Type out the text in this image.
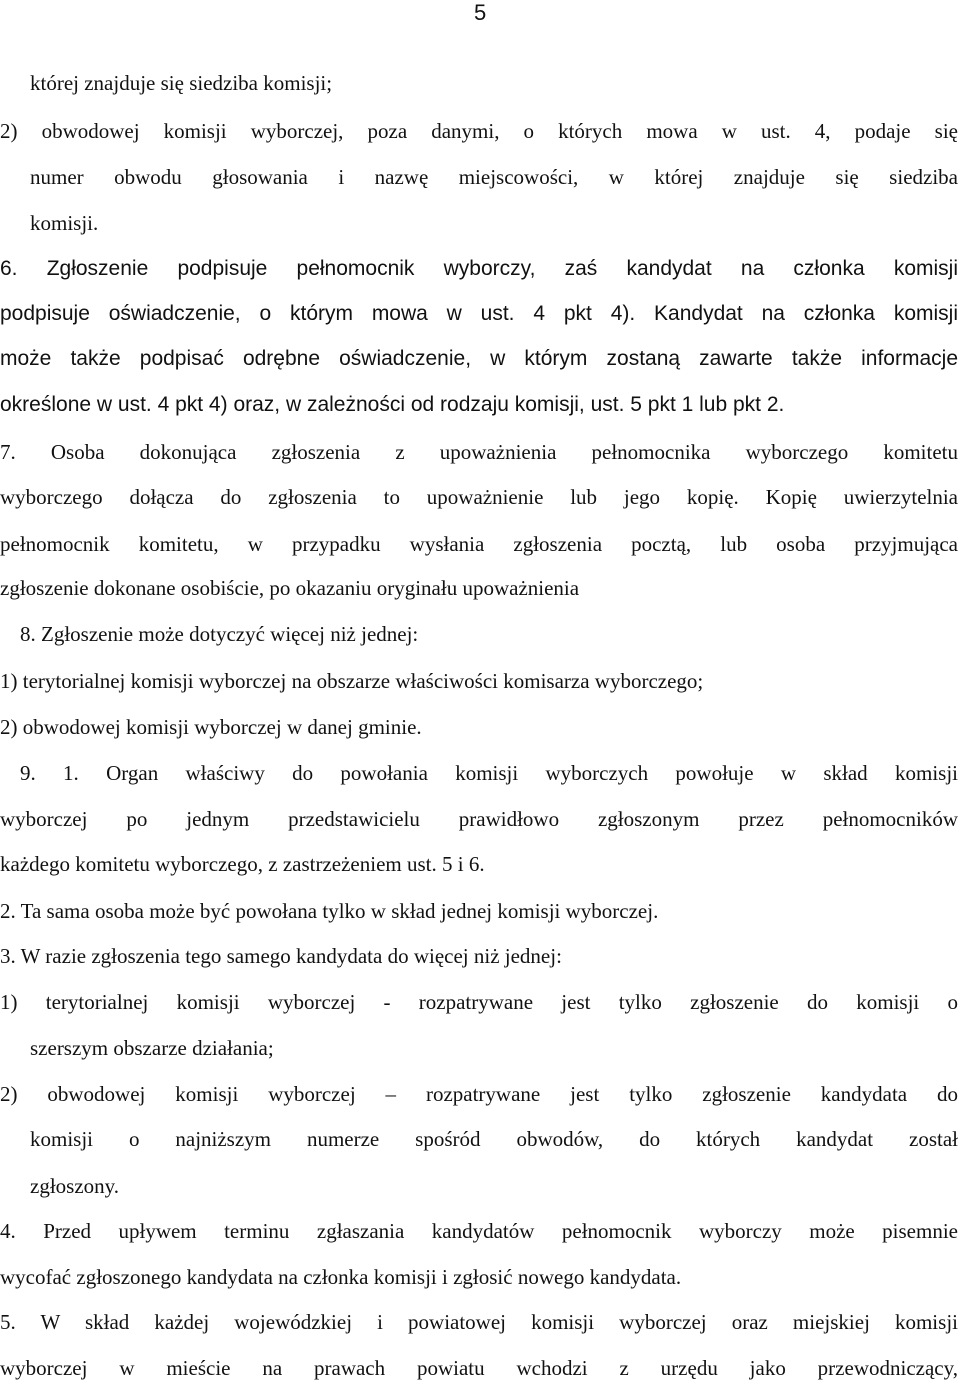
5
której znajduje się siedziba komisji;
2) obwodowej komisji wyborczej, poza danymi, o których mowa w ust. 4, podaje się
numer obwodu głosowania i nazwę miejscowości, w której znajduje się siedziba
komisji.
6. Zgłoszenie podpisuje pełnomocnik wyborczy, zaś kandydat na członka komisji
podpisuje oświadczenie, o którym mowa w ust. 4 pkt 4). Kandydat na członka komisji
może także podpisać odrębne oświadczenie, w którym zostaną zawarte także informacje
określone w ust. 4 pkt 4) oraz, w zależności od rodzaju komisji, ust. 5 pkt 1 lub pkt 2.
7. Osoba dokonująca zgłoszenia z upoważnienia pełnomocnika wyborczego komitetu
wyborczego dołącza do zgłoszenia to upoważnienie lub jego kopię. Kopię uwierzytelnia
pełnomocnik komitetu, w przypadku wysłania zgłoszenia pocztą, lub osoba przyjmująca
zgłoszenie dokonane osobiście, po okazaniu oryginału upoważnienia
8. Zgłoszenie może dotyczyć więcej niż jednej:
1) terytorialnej komisji wyborczej na obszarze właściwości komisarza wyborczego;
2) obwodowej komisji wyborczej w danej gminie.
9. 1. Organ właściwy do powołania komisji wyborczych powołuje w skład komisji
wyborczej po jednym przedstawicielu prawidłowo zgłoszonym przez pełnomocników
każdego komitetu wyborczego, z zastrzeżeniem ust. 5 i 6.
2. Ta sama osoba może być powołana tylko w skład jednej komisji wyborczej.
3. W razie zgłoszenia tego samego kandydata do więcej niż jednej:
1) terytorialnej komisji wyborczej - rozpatrywane jest tylko zgłoszenie do komisji o
szerszym obszarze działania;
2) obwodowej komisji wyborczej – rozpatrywane jest tylko zgłoszenie kandydata do
komisji o najniższym numerze spośród obwodów, do których kandydat został
zgłoszony.
4. Przed upływem terminu zgłaszania kandydatów pełnomocnik wyborczy może pisemnie
wycofać zgłoszonego kandydata na członka komisji i zgłosić nowego kandydata.
5. W skład każdej wojewódzkiej i powiatowej komisji wyborczej oraz miejskiej komisji
wyborczej w mieście na prawach powiatu wchodzi z urzędu jako przewodniczący,
